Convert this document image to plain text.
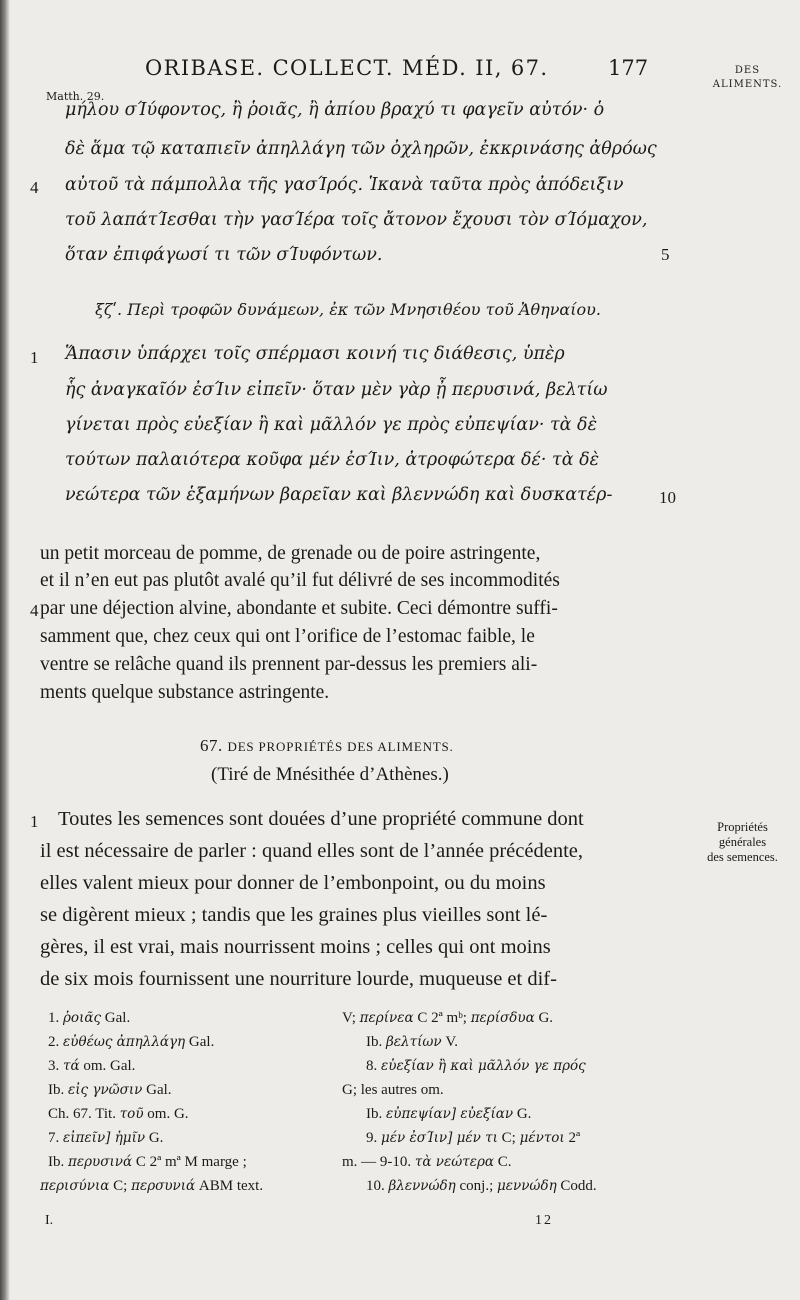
ORIBASE. COLLECT. MÉD. II, 67.	177
Matth. 29.
DES
ALIMENTS.
4
μήλου σΊύφοντος, ἢ ῥοιᾶς, ἢ ἀπίου βραχύ τι φαγεῖν αὐτόν· ὁ
δὲ ἅμα τῷ καταπιεῖν ἀπηλλάγη τῶν ὀχληρῶν, ἐκκρινάσης ἀθρόως
αὐτοῦ τὰ πάμπολλα τῆς γασΊρός. Ἱκανὰ ταῦτα πρὸς ἀπόδειξιν
τοῦ λαπάτΊεσθαι τὴν γασΊέρα τοῖς ἄτονον ἔχουσι τὸν σΊόμαχον,
ὅταν ἐπιφάγωσί τι τῶν σΊυφόντων.	5
ξζʹ. Περὶ τροφῶν δυνάμεων, ἐκ τῶν Μνησιθέου τοῦ Ἀθηναίου.
1 Ἅπασιν ὑπάρχει τοῖς σπέρμασι κοινή τις διάθεσις, ὑπὲρ
ἧς ἀναγκαῖόν ἐσΊιν εἰπεῖν· ὅταν μὲν γὰρ ᾖ περυσινά, βελτίω
γίνεται πρὸς εὐεξίαν ἢ καὶ μᾶλλόν γε πρὸς εὐπεψίαν· τὰ δὲ
τούτων παλαιότερα κοῦφα μέν ἐσΊιν, ἀτροφώτερα δέ· τὰ δὲ
νεώτερα τῶν ἑξαμήνων βαρεῖαν καὶ βλεννώδη καὶ δυσκατέρ-	10
un petit morceau de pomme, de grenade ou de poire astringente,
et il n’en eut pas plutôt avalé qu’il fut délivré de ses incommodités
4 par une déjection alvine, abondante et subite. Ceci démontre suffi-
samment que, chez ceux qui ont l’orifice de l’estomac faible, le
ventre se relâche quand ils prennent par-dessus les premiers ali-
ments quelque substance astringente.
67. DES PROPRIÉTÉS DES ALIMENTS.
(Tiré de Mnésithée d’Athènes.)
Propriétés
générales
des semences.
1 Toutes les semences sont douées d’une propriété commune dont
il est nécessaire de parler : quand elles sont de l’année précédente,
elles valent mieux pour donner de l’embonpoint, ou du moins
se digèrent mieux ; tandis que les graines plus vieilles sont lé-
gères, il est vrai, mais nourrissent moins ; celles qui ont moins
de six mois fournissent une nourriture lourde, muqueuse et dif-
1. ῥοιᾶς Gal.
2. εὐθέως ἀπηλλάγη Gal.
3. τά om. Gal.
Ib. εἰς γνῶσιν Gal.
Ch. 67. Tit. τοῦ om. G.
7. εἰπεῖν] ἡμῖν G.
Ib. περυσινά C 2ª mª M marge ;
περισύνια C; περσυνιά ABM text.
V; περίνεα C 2ª mᵇ; περίσδυα G.
Ib. βελτίων V.
8. εὐεξίαν ἢ καὶ μᾶλλόν γε πρός
G; les autres om.
Ib. εὐπεψίαν] εὐεξίαν G.
9. μέν ἐσΊιν] μέν τι C; μέντοι 2ª
m. — 9-10. τὰ νεώτερα C.
10. βλεννώδη conj.; μεννώδη Codd.
I.	12
